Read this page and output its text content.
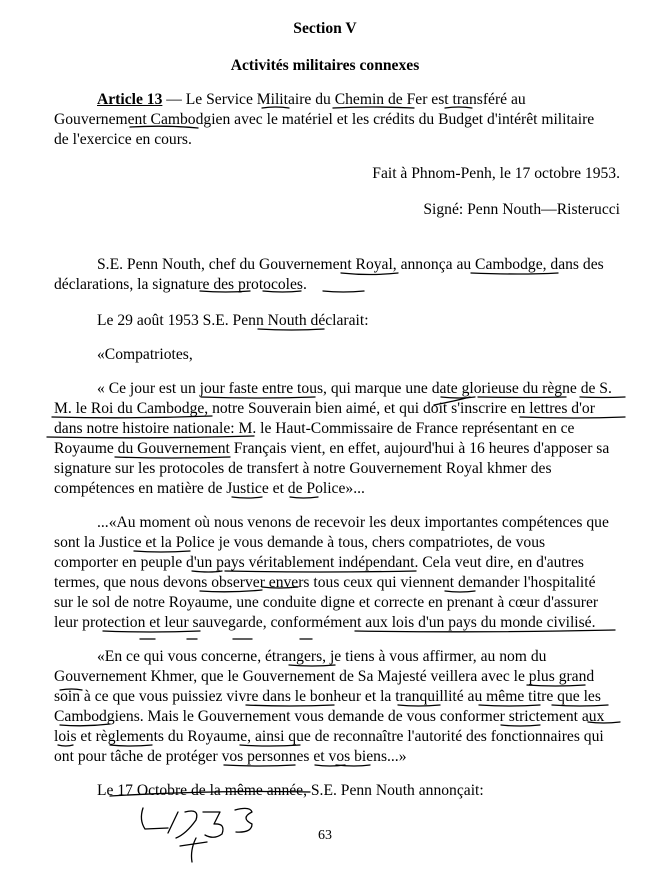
Section V
Activités militaires connexes
Article 13 — Le Service Militaire du Chemin de Fer est transféré au
Gouvernement Cambodgien avec le matériel et les crédits du Budget d'intérêt militaire
de l'exercice en cours.
Fait à Phnom-Penh, le 17 octobre 1953.
Signé: Penn Nouth—Risterucci
S.E. Penn Nouth, chef du Gouvernement Royal, annonça au Cambodge, dans des
déclarations, la signature des protocoles.
Le 29 août 1953 S.E. Penn Nouth déclarait:
«Compatriotes,
« Ce jour est un jour faste entre tous, qui marque une date glorieuse du règne de S.
M. le Roi du Cambodge, notre Souverain bien aimé, et qui doit s'inscrire en lettres d'or
dans notre histoire nationale: M. le Haut-Commissaire de France représentant en ce
Royaume du Gouvernement Français vient, en effet, aujourd'hui à 16 heures d'apposer sa
signature sur les protocoles de transfert à notre Gouvernement Royal khmer des
compétences en matière de Justice et de Police»...
...«Au moment où nous venons de recevoir les deux importantes compétences que
sont la Justice et la Police je vous demande à tous, chers compatriotes, de vous
comporter en peuple d'un pays véritablement indépendant. Cela veut dire, en d'autres
termes, que nous devons observer envers tous ceux qui viennent demander l'hospitalité
sur le sol de notre Royaume, une conduite digne et correcte en prenant à cœur d'assurer
leur protection et leur sauvegarde, conformément aux lois d'un pays du monde civilisé.
«En ce qui vous concerne, étrangers, je tiens à vous affirmer, au nom du
Gouvernement Khmer, que le Gouvernement de Sa Majesté veillera avec le plus grand
soin à ce que vous puissiez vivre dans le bonheur et la tranquillité au même titre que les
Cambodgiens. Mais le Gouvernement vous demande de vous conformer strictement aux
lois et règlements du Royaume, ainsi que de reconnaître l'autorité des fonctionnaires qui
ont pour tâche de protéger vos personnes et vos biens...»
Le 17 Octobre de la même année, S.E. Penn Nouth annonçait:
63
